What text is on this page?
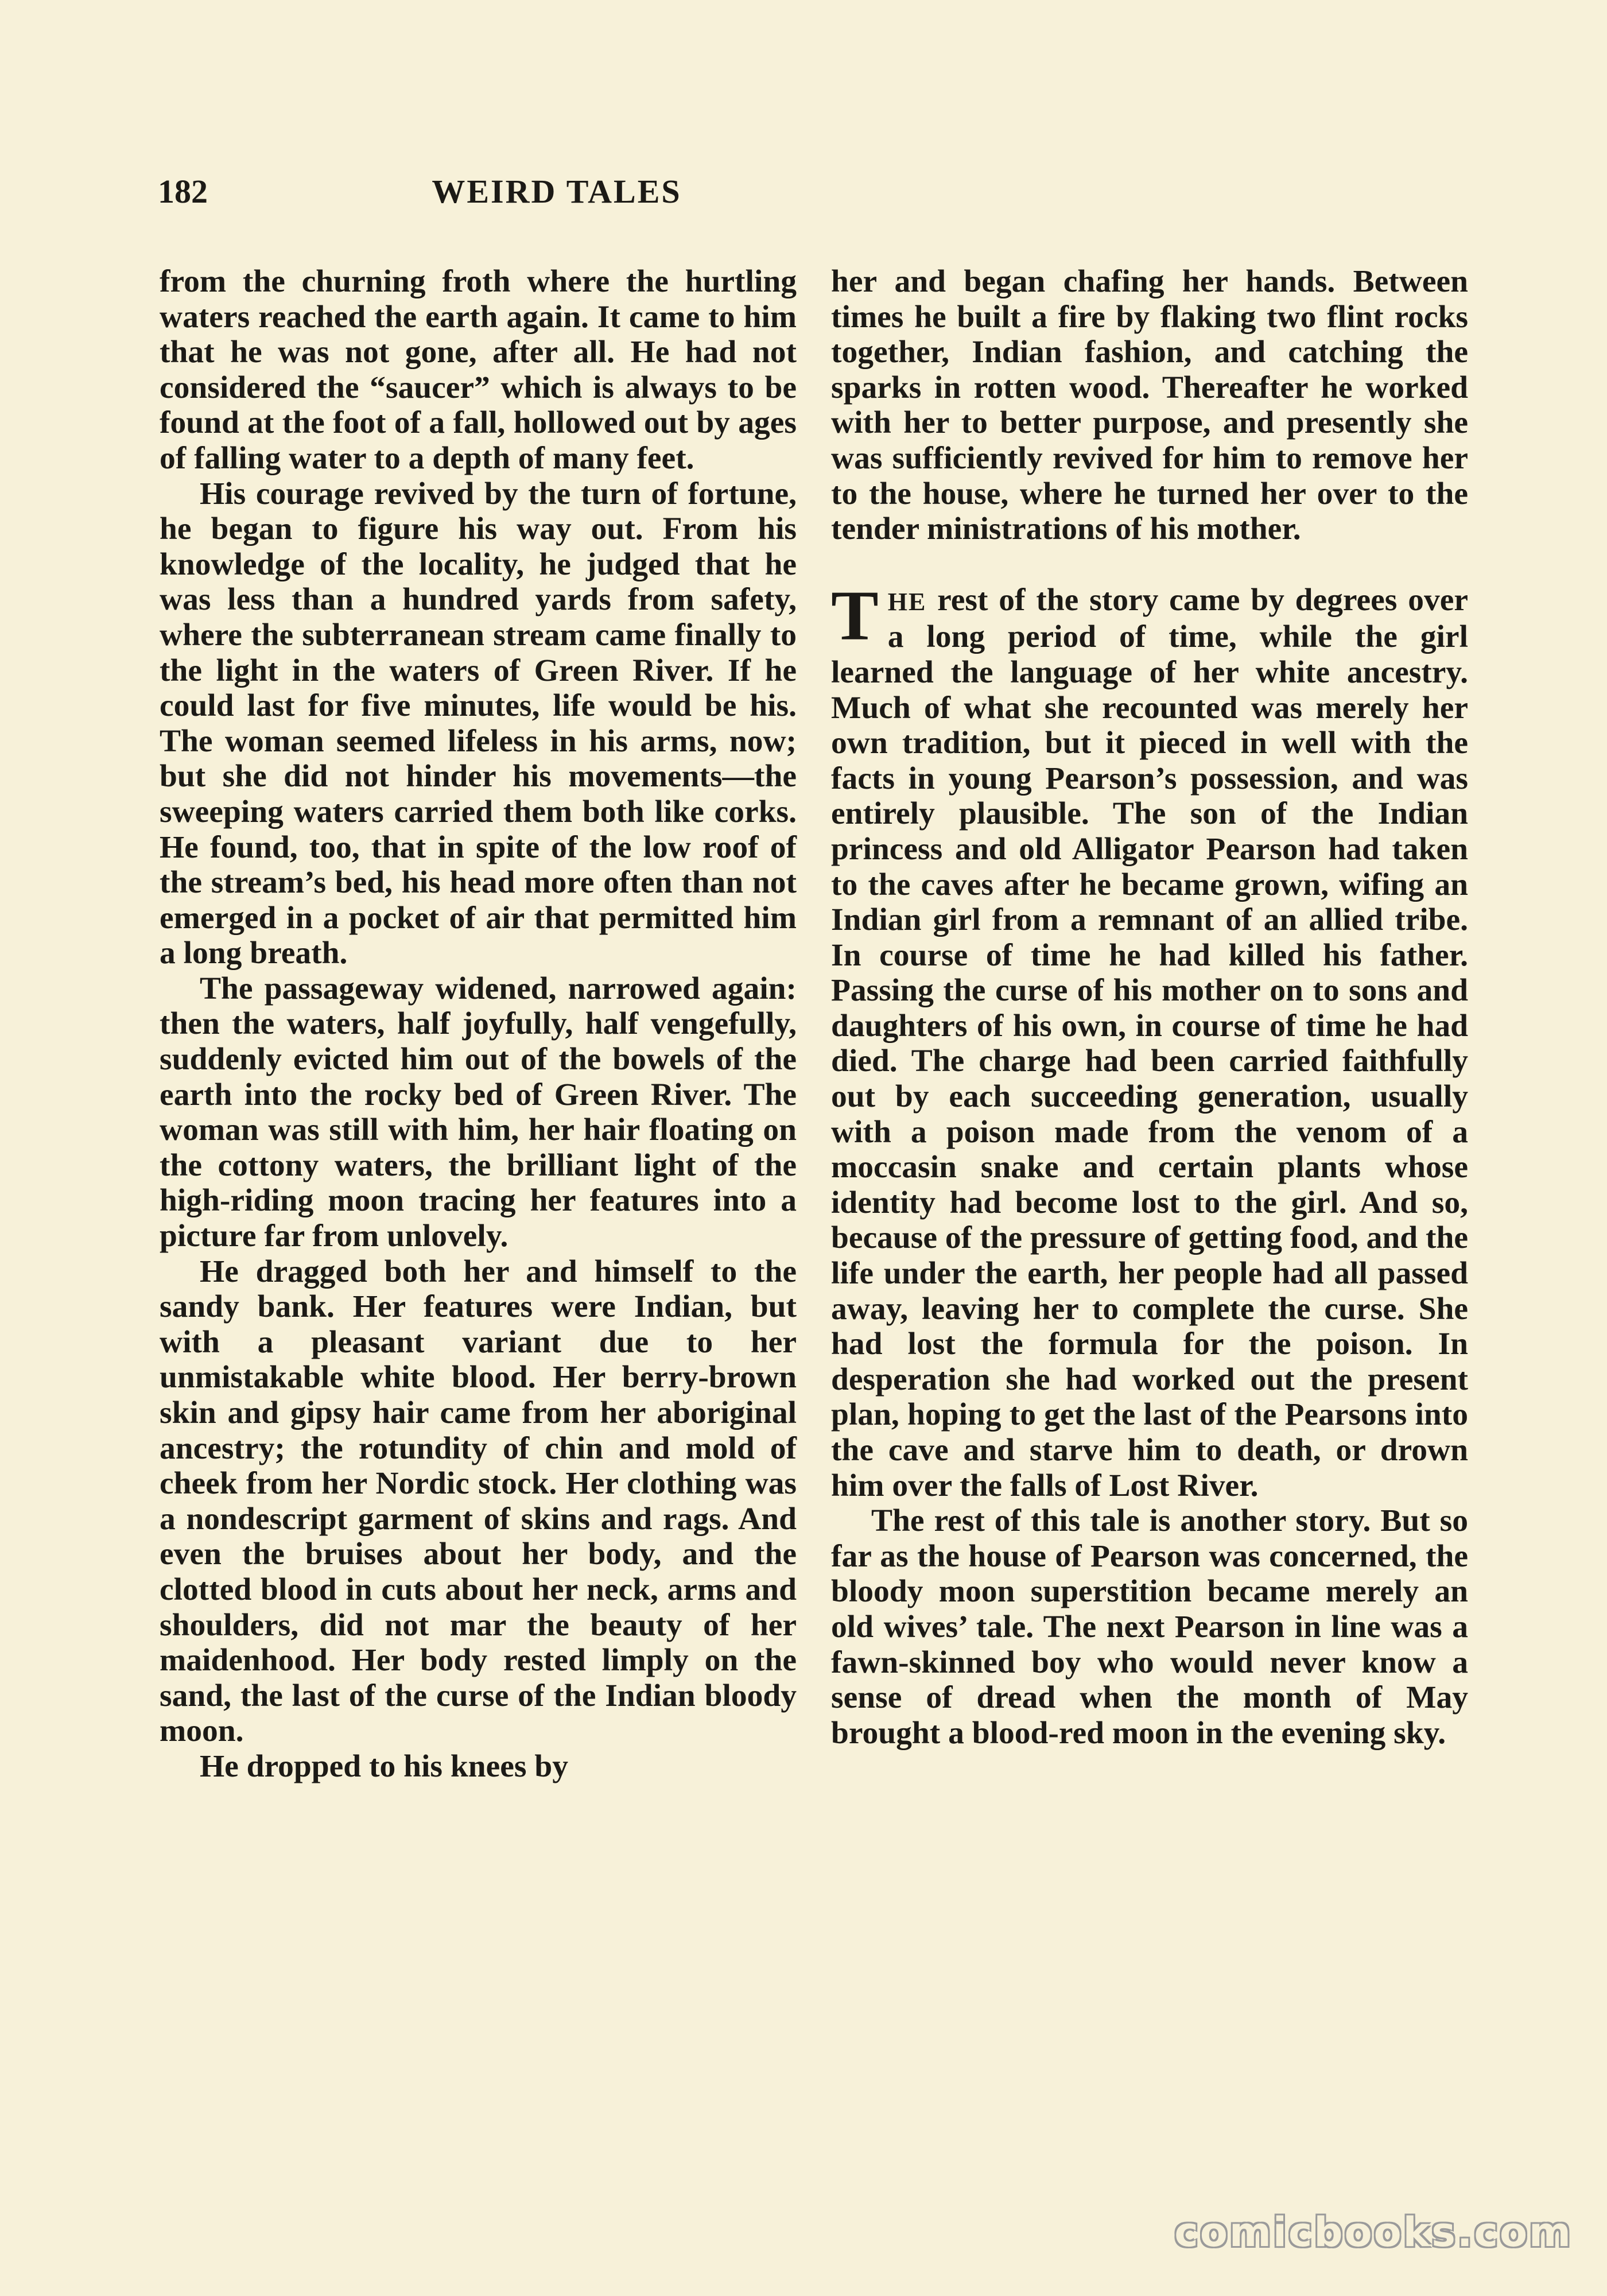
182	WEIRD TALES

from the churning froth where the hurtling waters reached the earth again. It came to him that he was not gone, after all. He had not considered the “saucer” which is always to be found at the foot of a fall, hollowed out by ages of falling water to a depth of many feet.

His courage revived by the turn of fortune, he began to figure his way out. From his knowledge of the locality, he judged that he was less than a hundred yards from safety, where the subterranean stream came finally to the light in the waters of Green River. If he could last for five minutes, life would be his. The woman seemed lifeless in his arms, now; but she did not hinder his movements—the sweeping waters carried them both like corks. He found, too, that in spite of the low roof of the stream’s bed, his head more often than not emerged in a pocket of air that permitted him a long breath.

The passageway widened, narrowed again: then the waters, half joyfully, half vengefully, suddenly evicted him out of the bowels of the earth into the rocky bed of Green River. The woman was still with him, her hair floating on the cottony waters, the brilliant light of the high-riding moon tracing her features into a picture far from unlovely.

He dragged both her and himself to the sandy bank. Her features were Indian, but with a pleasant variant due to her unmistakable white blood. Her berry-brown skin and gipsy hair came from her aboriginal ancestry; the rotundity of chin and mold of cheek from her Nordic stock. Her clothing was a nondescript garment of skins and rags. And even the bruises about her body, and the clotted blood in cuts about her neck, arms and shoulders, did not mar the beauty of her maidenhood. Her body rested limply on the sand, the last of the curse of the Indian bloody moon.

He dropped to his knees by

her and began chafing her hands. Between times he built a fire by flaking two flint rocks together, Indian fashion, and catching the sparks in rotten wood. Thereafter he worked with her to better purpose, and presently she was sufficiently revived for him to remove her to the house, where he turned her over to the tender ministrations of his mother.

THE rest of the story came by degrees over a long period of time, while the girl learned the language of her white ancestry. Much of what she recounted was merely her own tradition, but it pieced in well with the facts in young Pearson’s possession, and was entirely plausible. The son of the Indian princess and old Alligator Pearson had taken to the caves after he became grown, wifing an Indian girl from a remnant of an allied tribe. In course of time he had killed his father. Passing the curse of his mother on to sons and daughters of his own, in course of time he had died. The charge had been carried faithfully out by each succeeding generation, usually with a poison made from the venom of a moccasin snake and certain plants whose identity had become lost to the girl. And so, because of the pressure of getting food, and the life under the earth, her people had all passed away, leaving her to complete the curse. She had lost the formula for the poison. In desperation she had worked out the present plan, hoping to get the last of the Pearsons into the cave and starve him to death, or drown him over the falls of Lost River.

The rest of this tale is another story. But so far as the house of Pearson was concerned, the bloody moon superstition became merely an old wives’ tale. The next Pearson in line was a fawn-skinned boy who would never know a sense of dread when the month of May brought a blood-red moon in the evening sky.

comicbooks.com
